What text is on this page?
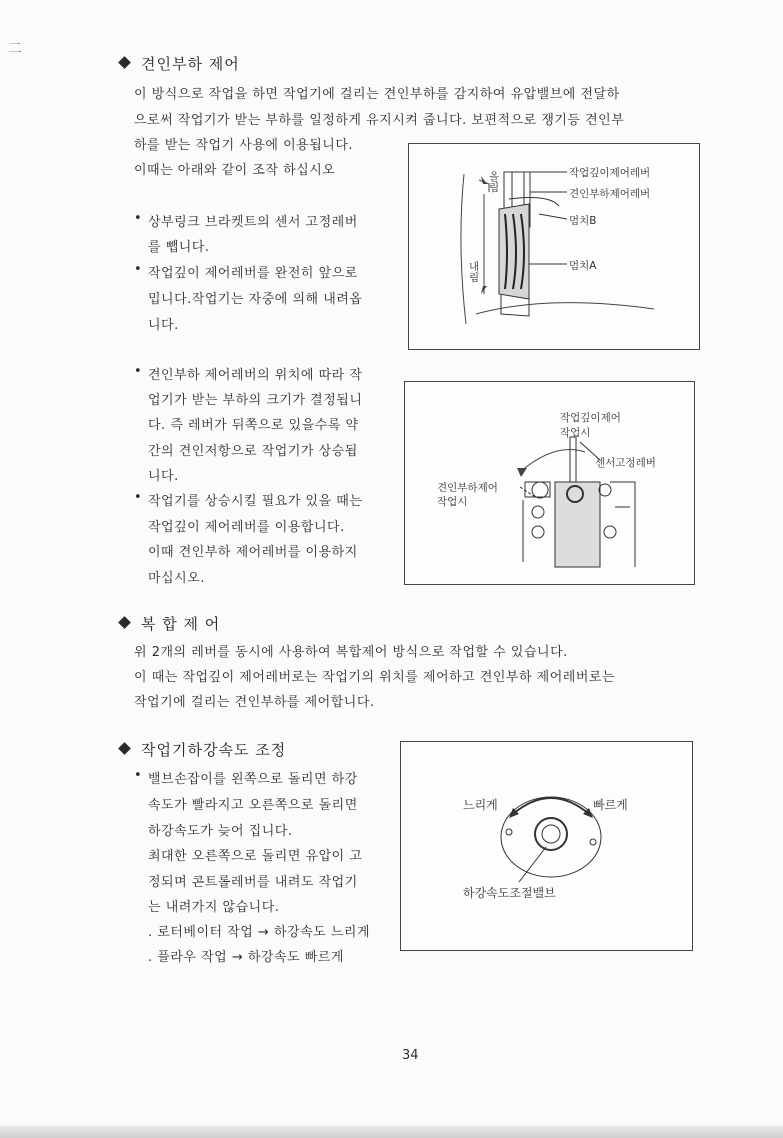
二
견인부하 제어
이 방식으로 작업을 하면 작업기에 걸리는 견인부하를 감지하여 유압밸브에 전달하
으로써 작업기가 받는 부하를 일정하게 유지시켜 줍니다. 보편적으로 쟁기등 견인부
하를 받는 작업기 사용에 이용됩니다.
이때는 아래와 같이 조작 하십시오
• 상부링크 브라켓트의 센서 고정레버
를 뺍니다.
• 작업깊이 제어레버를 완전히 앞으로
밉니다.작업기는 자중에 의해 내려옵
니다.
올림
내림
작업깊이제어레버
견인부하제어레버
멈치B
멈치A
• 견인부하 제어레버의 위치에 따라 작
업기가 받는 부하의 크기가 결정됩니
다. 즉 레버가 뒤쪽으로 있을수록 약
간의 견인저항으로 작업기가 상승됩
니다.
• 작업기를 상승시킬 필요가 있을 때는
작업깊이 제어레버를 이용합니다.
이때 견인부하 제어레버를 이용하지
마십시오.
작업깊이제어
작업시
센서고정레버
견인부하제어
작업시
복 합 제 어
위 2개의 레버를 동시에 사용하여 복합제어 방식으로 작업할 수 있습니다.
이 때는 작업깊이 제어레버로는 작업기의 위치를 제어하고 견인부하 제어레버로는
작업기에 걸리는 견인부하를 제어합니다.
작업기하강속도 조정
• 밸브손잡이를 왼쪽으로 돌리면 하강
속도가 빨라지고 오른쪽으로 돌리면
하강속도가 늦어 집니다.
최대한 오른쪽으로 돌리면 유압이 고
정되며 콘트롤레버를 내려도 작업기
는 내려가지 않습니다.
. 로터베이터 작업 → 하강속도 느리게
. 플라우 작업 → 하강속도 빠르게
느리게	빠르게
하강속도조절밸브
34
